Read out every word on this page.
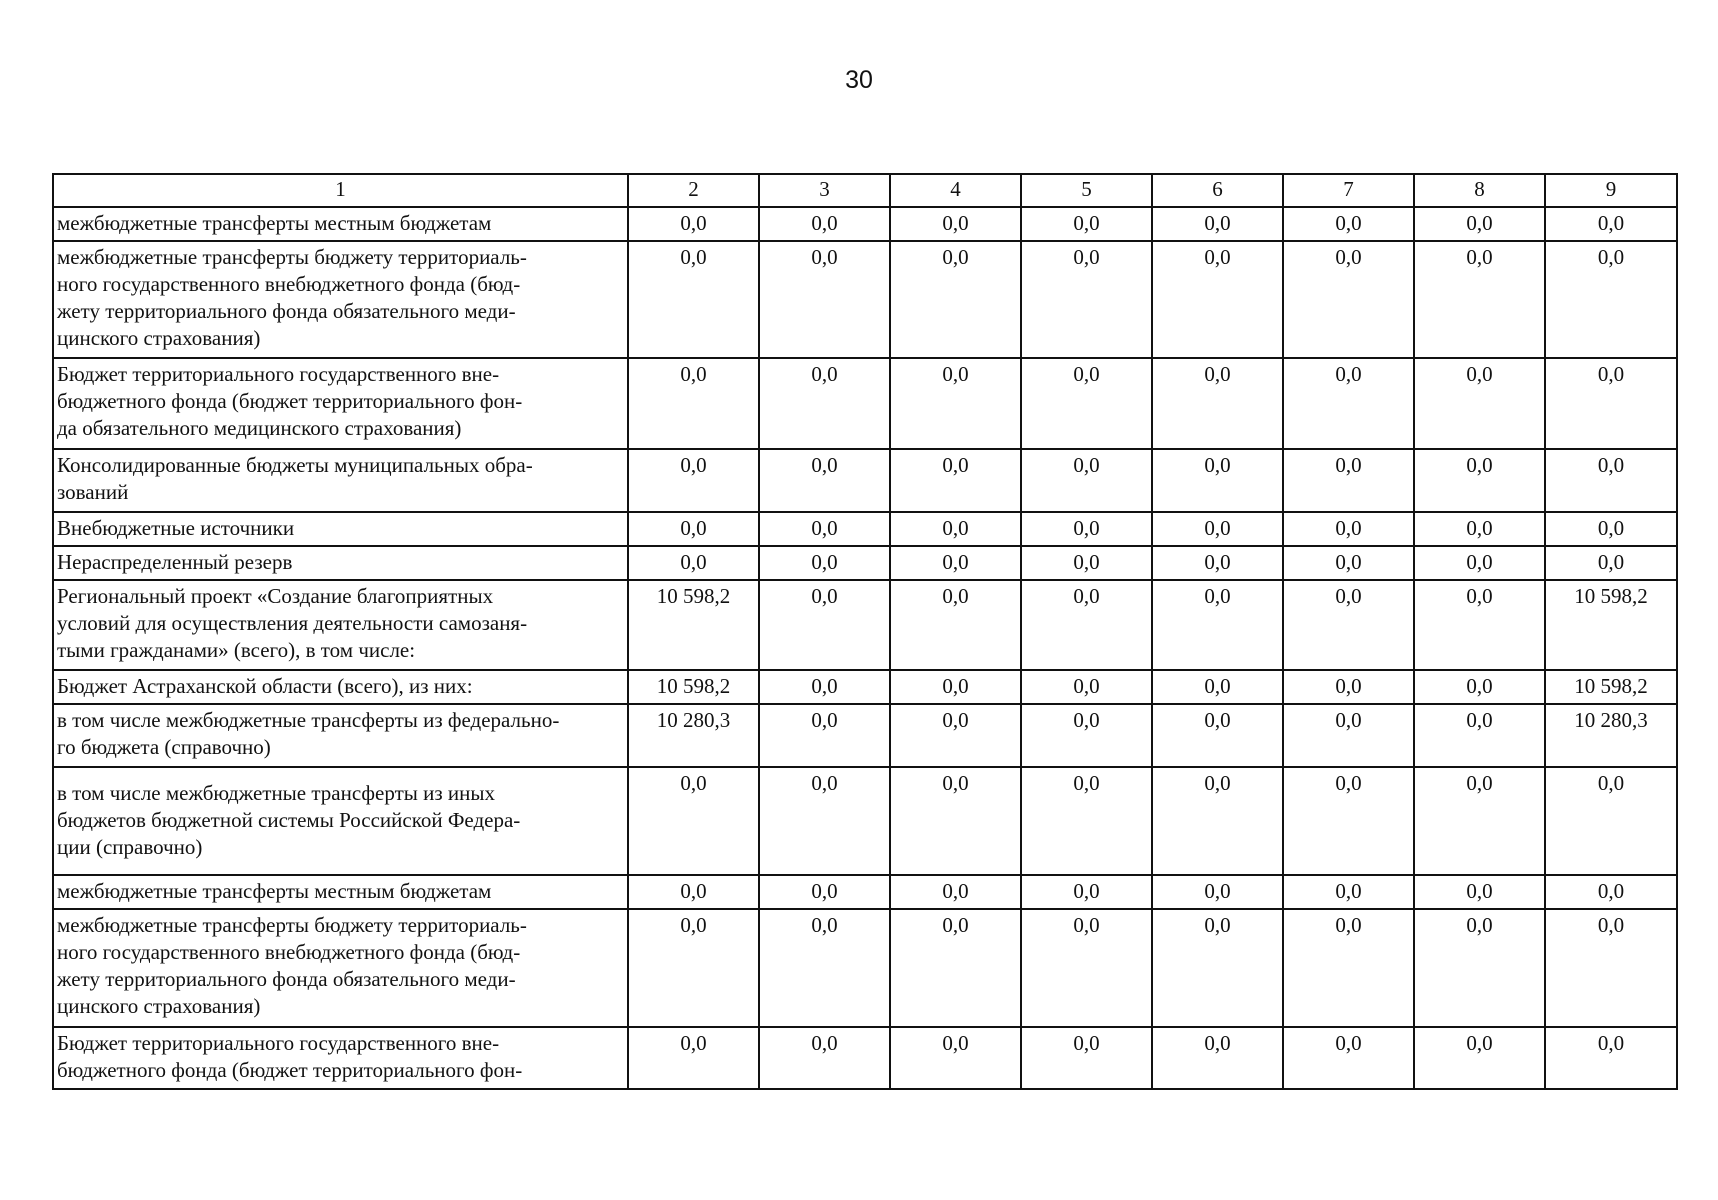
30
1	2	3	4	5	6	7	8	9
межбюджетные трансферты местным бюджетам	0,0	0,0	0,0	0,0	0,0	0,0	0,0	0,0
межбюджетные трансферты бюджету территориаль-
ного государственного внебюджетного фонда (бюд-
жету территориального фонда обязательного меди-
цинского страхования)	0,0	0,0	0,0	0,0	0,0	0,0	0,0	0,0
Бюджет территориального государственного вне-
бюджетного фонда (бюджет территориального фон-
да обязательного медицинского страхования)	0,0	0,0	0,0	0,0	0,0	0,0	0,0	0,0
Консолидированные бюджеты муниципальных обра-
зований	0,0	0,0	0,0	0,0	0,0	0,0	0,0	0,0
Внебюджетные источники	0,0	0,0	0,0	0,0	0,0	0,0	0,0	0,0
Нераспределенный резерв	0,0	0,0	0,0	0,0	0,0	0,0	0,0	0,0
Региональный проект «Создание благоприятных
условий для осуществления деятельности самозаня-
тыми гражданами» (всего), в том числе:	10 598,2	0,0	0,0	0,0	0,0	0,0	0,0	10 598,2
Бюджет Астраханской области (всего), из них:	10 598,2	0,0	0,0	0,0	0,0	0,0	0,0	10 598,2
в том числе межбюджетные трансферты из федерально-
го бюджета (справочно)	10 280,3	0,0	0,0	0,0	0,0	0,0	0,0	10 280,3
в том числе межбюджетные трансферты из иных
бюджетов бюджетной системы Российской Федера-
ции (справочно)	0,0	0,0	0,0	0,0	0,0	0,0	0,0	0,0
межбюджетные трансферты местным бюджетам	0,0	0,0	0,0	0,0	0,0	0,0	0,0	0,0
межбюджетные трансферты бюджету территориаль-
ного государственного внебюджетного фонда (бюд-
жету территориального фонда обязательного меди-
цинского страхования)	0,0	0,0	0,0	0,0	0,0	0,0	0,0	0,0
Бюджет территориального государственного вне-
бюджетного фонда (бюджет территориального фон-	0,0	0,0	0,0	0,0	0,0	0,0	0,0	0,0
